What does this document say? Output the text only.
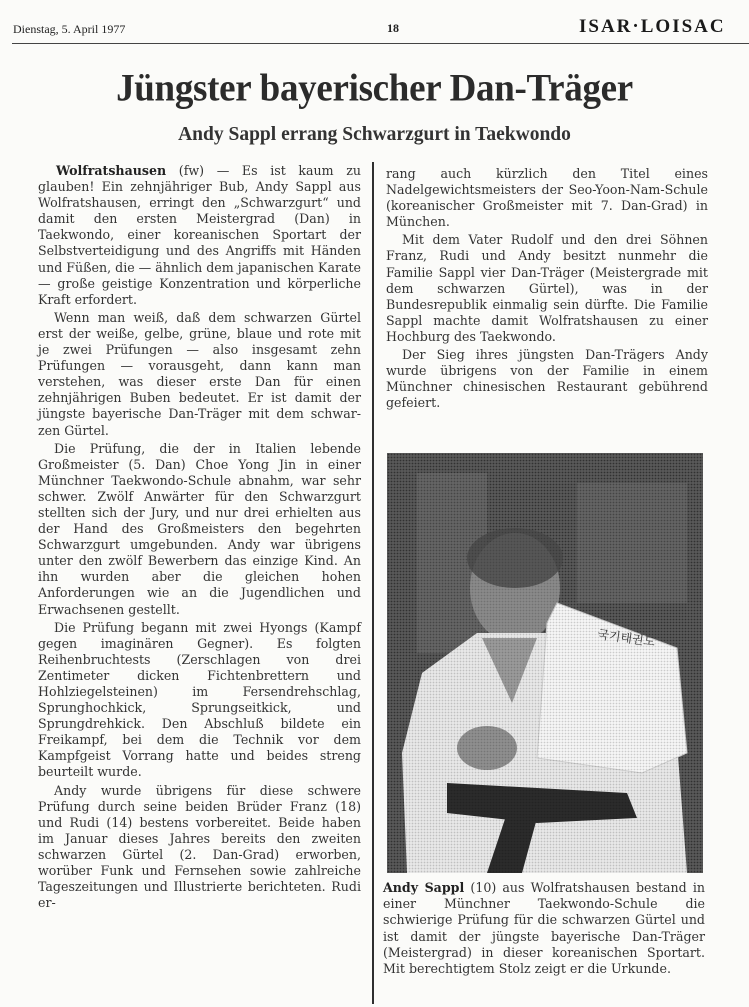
Dienstag, 5. April 1977	18	ISAR·LOISAC
Jüngster bayerischer Dan-Träger
Andy Sappl errang Schwarzgurt in Taekwondo

Wolfratshausen (fw) — Es ist kaum zu glauben! Ein zehnjähriger Bub, Andy Sappl aus Wolfratshausen, erringt den „Schwarzgurt“ und damit den ersten Meistergrad (Dan) in Taekwondo, einer koreanischen Sportart der Selbstverteidigung und des Angriffs mit Händen und Füßen, die — ähnlich dem japanischen Karate — große geistige Konzentration und körperliche Kraft erfordert.

Wenn man weiß, daß dem schwarzen Gürtel erst der weiße, gelbe, grüne, blaue und rote mit je zwei Prüfungen — also insgesamt zehn Prüfungen — vorausgeht, dann kann man verstehen, was dieser erste Dan für einen zehnjährigen Buben bedeutet. Er ist damit der jüngste bayerische Dan-Träger mit dem schwarzen Gürtel.

Die Prüfung, die der in Italien lebende Großmeister (5. Dan) Choe Yong Jin in einer Münchner Taekwondo-Schule abnahm, war sehr schwer. Zwölf Anwärter für den Schwarzgurt stellten sich der Jury, und nur drei erhielten aus der Hand des Großmeisters den begehrten Schwarzgurt umgebunden. Andy war übrigens unter den zwölf Bewerbern das einzige Kind. An ihn wurden aber die gleichen hohen Anforderungen wie an die Jugendlichen und Erwachsenen gestellt.

Die Prüfung begann mit zwei Hyongs (Kampf gegen imaginären Gegner). Es folgten Reihenbruchtests (Zerschlagen von drei Zentimeter dicken Fichtenbrettern und Hohlziegelsteinen) im Fersendrehschlag, Sprunghochkick, Sprungseitkick, und Sprungdrehkick. Den Abschluß bildete ein Freikampf, bei dem die Technik vor dem Kampfgeist Vorrang hatte und beides streng beurteilt wurde.

Andy wurde übrigens für diese schwere Prüfung durch seine beiden Brüder Franz (18) und Rudi (14) bestens vorbereitet. Beide haben im Januar dieses Jahres bereits den zweiten schwarzen Gürtel (2. Dan-Grad) erworben, worüber Funk und Fernsehen sowie zahlreiche Tageszeitungen und Illustrierte berichteten. Rudi er-

rang auch kürzlich den Titel eines Nadelgewichtsmeisters der Seo-Yoon-Nam-Schule (koreanischer Großmeister mit 7. Dan-Grad) in München.

Mit dem Vater Rudolf und den drei Söhnen Franz, Rudi und Andy besitzt nunmehr die Familie Sappl vier Dan-Träger (Meistergrade mit dem schwarzen Gürtel), was in der Bundesrepublik einmalig sein dürfte. Die Familie Sappl machte damit Wolfratshausen zu einer Hochburg des Taekwondo.

Der Sieg ihres jüngsten Dan-Trägers Andy wurde übrigens von der Familie in einem Münchner chinesischen Restaurant gebührend gefeiert.

Andy Sappl (10) aus Wolfratshausen bestand in einer Münchner Taekwondo-Schule die schwierige Prüfung für die schwarzen Gürtel und ist damit der jüngste bayerische Dan-Träger (Meistergrad) in dieser koreanischen Sportart. Mit berechtigtem Stolz zeigt er die Urkunde.
